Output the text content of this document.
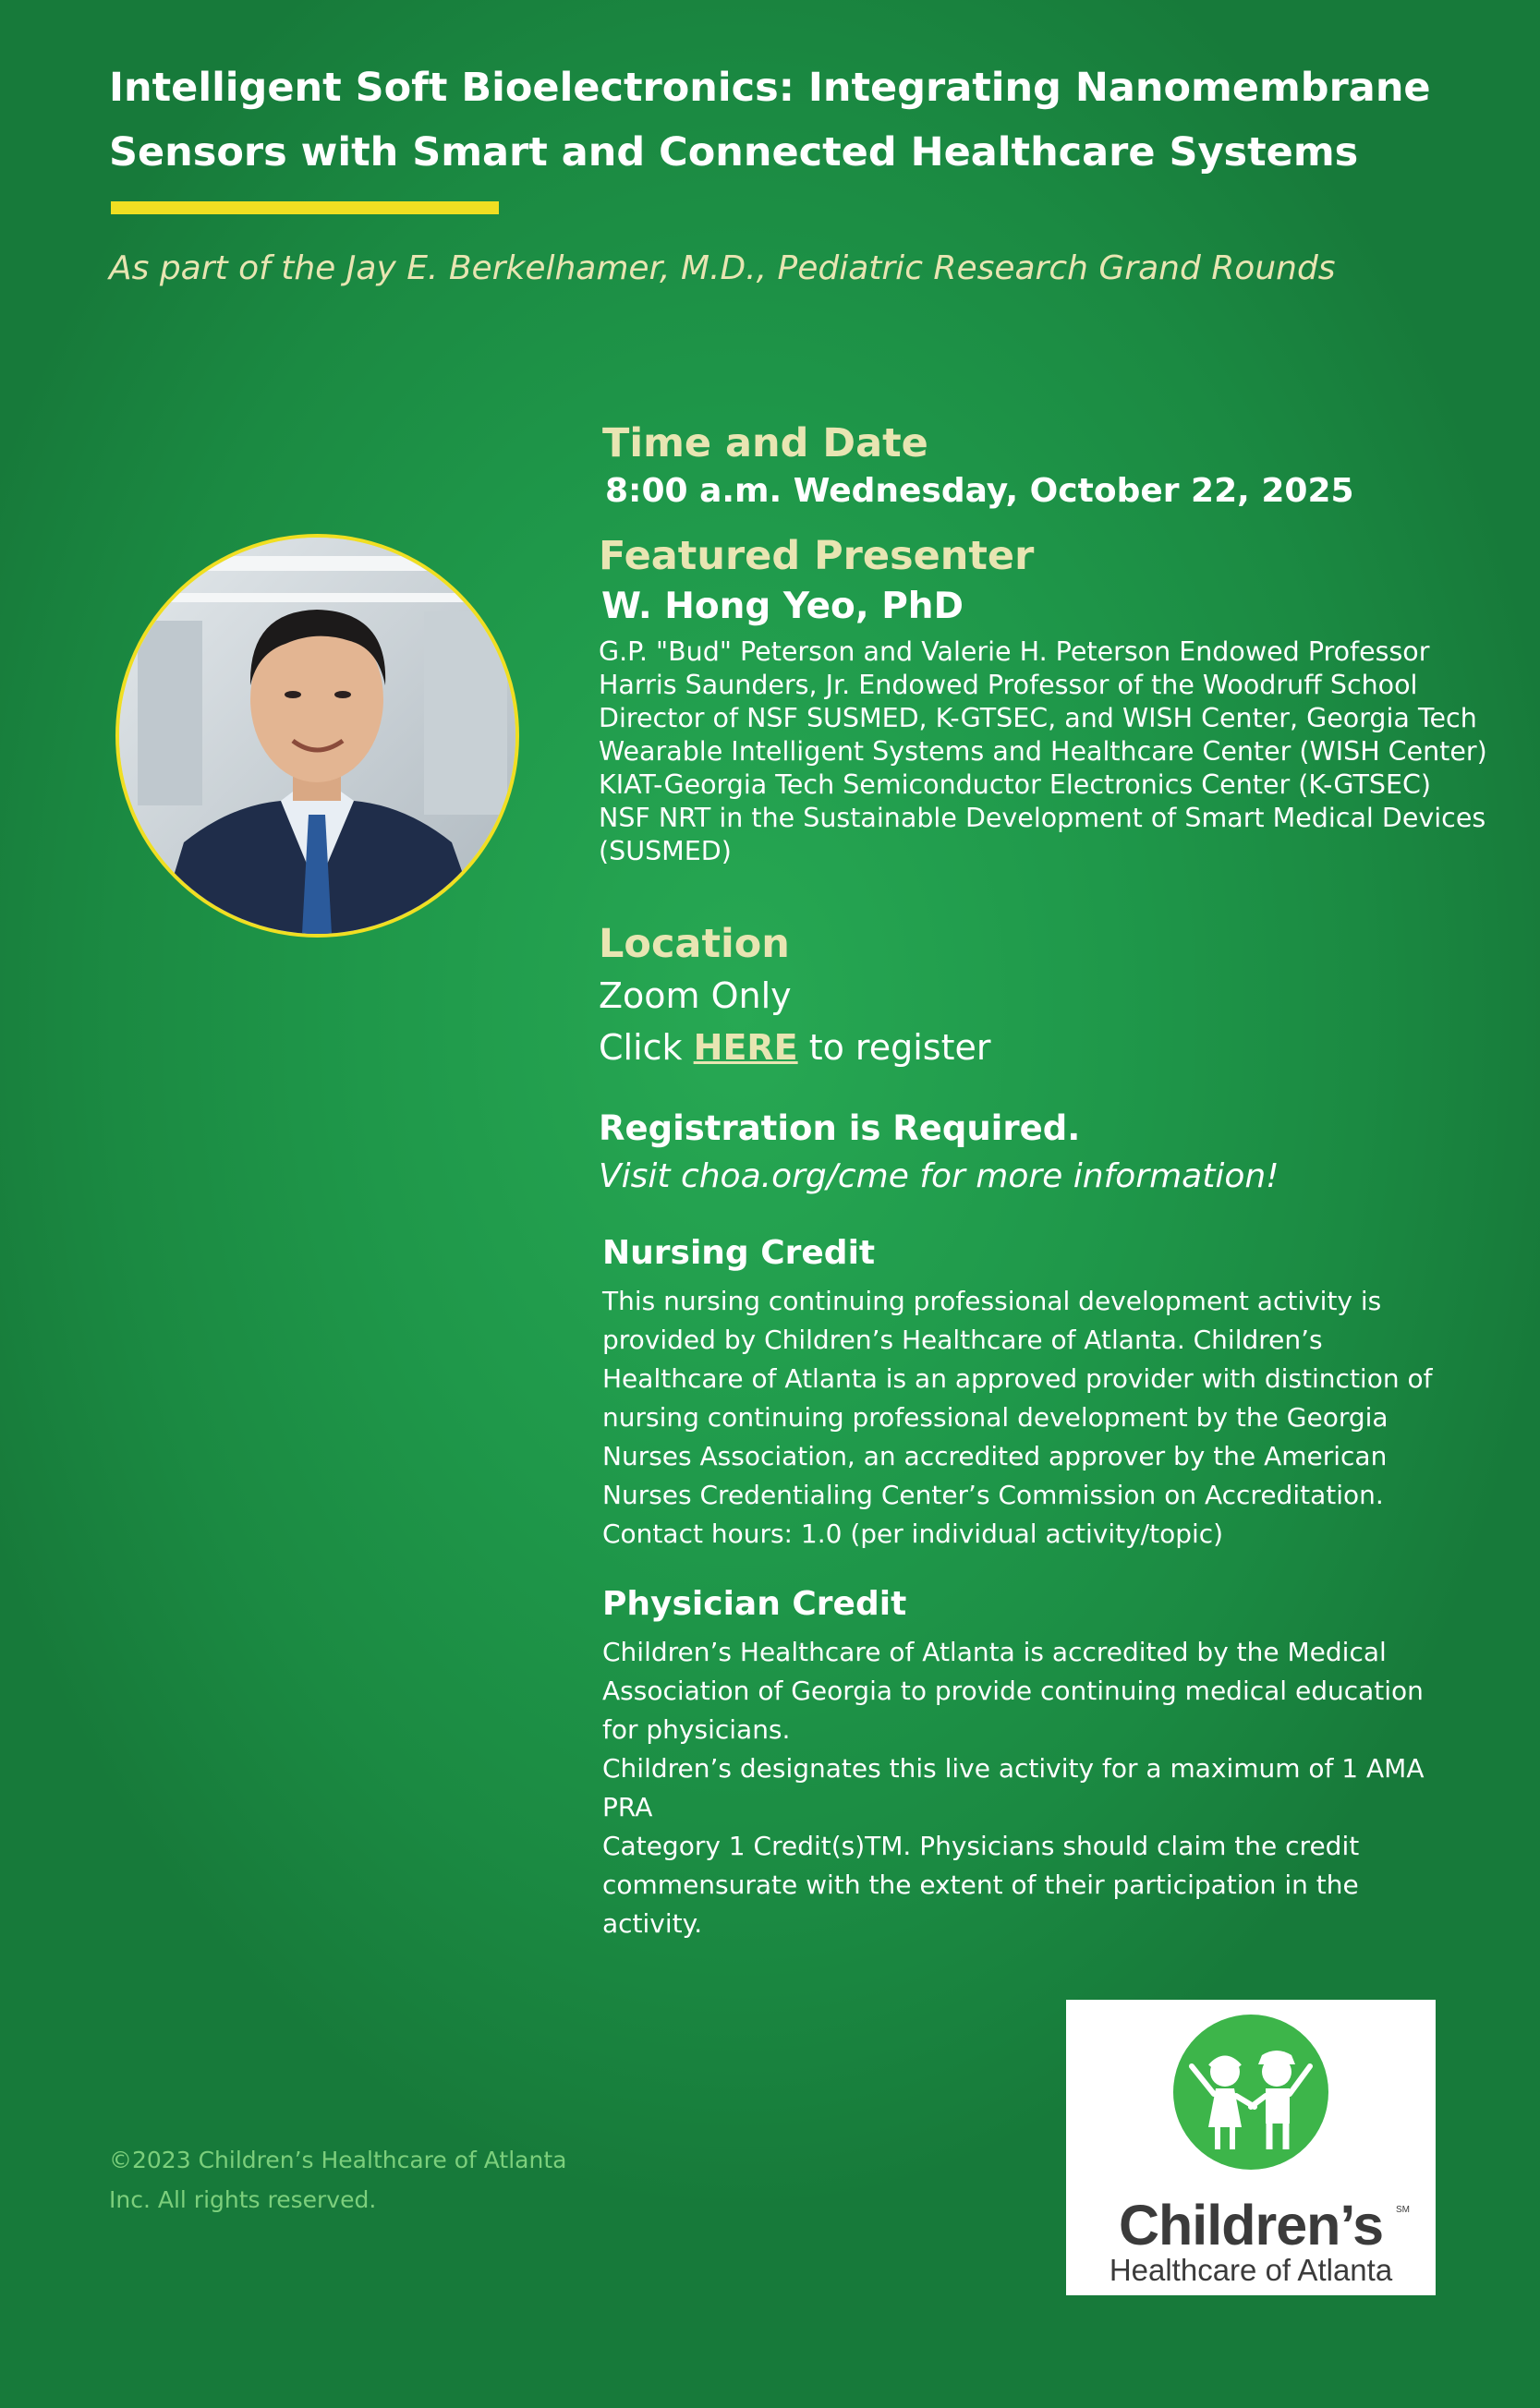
Intelligent Soft Bioelectronics: Integrating Nanomembrane
Sensors with Smart and Connected Healthcare Systems
As part of the Jay E. Berkelhamer, M.D., Pediatric Research Grand Rounds
Time and Date
8:00 a.m. Wednesday, October 22, 2025
Featured Presenter
W. Hong Yeo, PhD
G.P. "Bud" Peterson and Valerie H. Peterson Endowed Professor
Harris Saunders, Jr. Endowed Professor of the Woodruff School
Director of NSF SUSMED, K-GTSEC, and WISH Center, Georgia Tech
Wearable Intelligent Systems and Healthcare Center (WISH Center)
KIAT-Georgia Tech Semiconductor Electronics Center (K-GTSEC)
NSF NRT in the Sustainable Development of Smart Medical Devices
(SUSMED)
Location
Zoom Only
Click HERE to register
Registration is Required.
Visit choa.org/cme for more information!
Nursing Credit

This nursing continuing professional development activity is

provided by Children’s Healthcare of Atlanta. Children’s

Healthcare of Atlanta is an approved provider with distinction of

nursing continuing professional development by the Georgia

Nurses Association, an accredited approver by the American

Nurses Credentialing Center’s Commission on Accreditation.

Contact hours: 1.0 (per individual activity/topic)

Physician Credit

Children’s Healthcare of Atlanta is accredited by the Medical

Association of Georgia to provide continuing medical education

for physicians.

Children’s designates this live activity for a maximum of 1 AMA

PRA

Category 1 Credit(s)TM. Physicians should claim the credit

commensurate with the extent of their participation in the

activity.

©2023 Children’s Healthcare of Atlanta
Inc. All rights reserved.	Children’s	SM
Healthcare of Atlanta
